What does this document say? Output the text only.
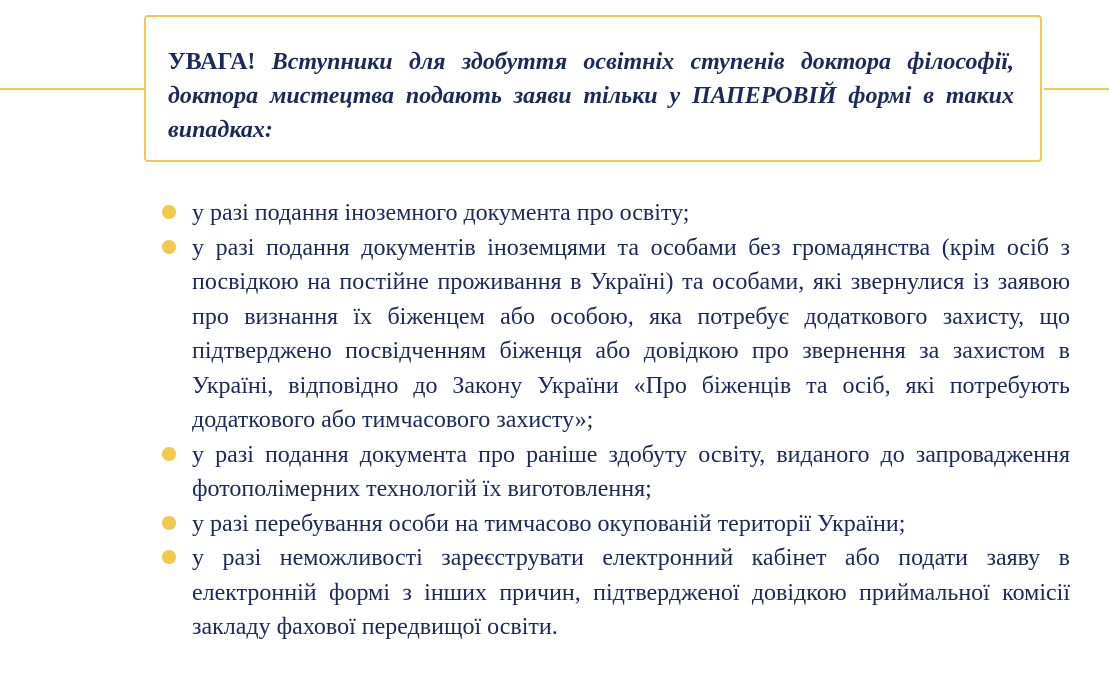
УВАГА! Вступники для здобуття освітніх ступенів доктора філософії, доктора мистецтва подають заяви тільки у ПАПЕРОВІЙ формі в таких випадках:
у разі подання іноземного документа про освіту;
у разі подання документів іноземцями та особами без громадянства (крім осіб з посвідкою на постійне проживання в Україні) та особами, які звернулися із заявою про визнання їх біженцем або особою, яка потребує додаткового захисту, що підтверджено посвідченням біженця або довідкою про звернення за захистом в Україні, відповідно до Закону України «Про біженців та осіб, які потребують додаткового або тимчасового захисту»;
у разі подання документа про раніше здобуту освіту, виданого до запровадження фотополімерних технологій їх виготовлення;
у разі перебування особи на тимчасово окупованій території України;
у разі неможливості зареєструвати електронний кабінет або подати заяву в електронній формі з інших причин, підтвердженої довідкою приймальної комісії закладу фахової передвищої освіти.
